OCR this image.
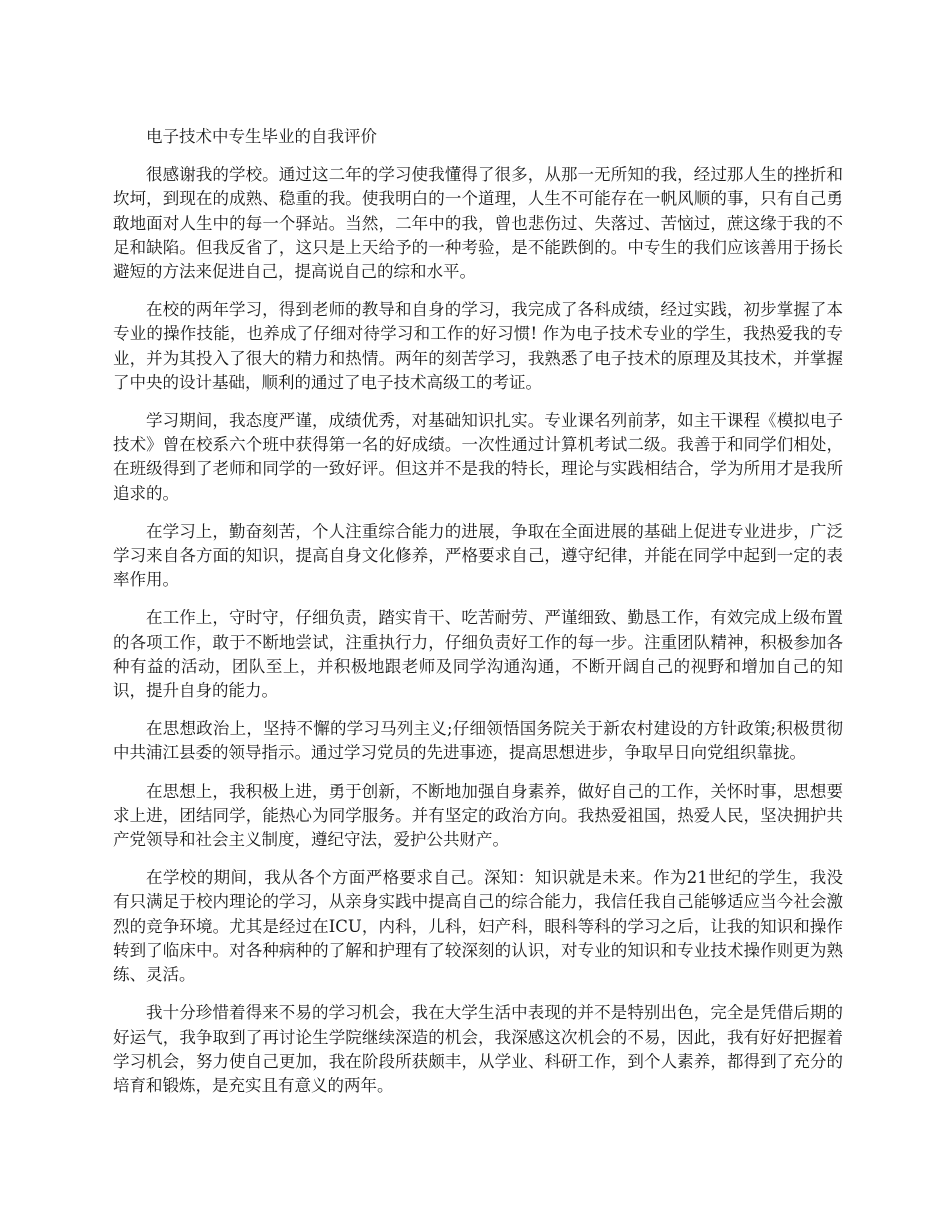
电子技术中专生毕业的自我评价

很感谢我的学校。通过这二年的学习使我懂得了很多，从那一无所知的我，经过那人生的挫折和坎坷，到现在的成熟、稳重的我。使我明白的一个道理，人生不可能存在一帆风顺的事，只有自己勇敢地面对人生中的每一个驿站。当然，二年中的我，曾也悲伤过、失落过、苦恼过，蔗这缘于我的不足和缺陷。但我反省了，这只是上天给予的一种考验，是不能跌倒的。中专生的我们应该善用于扬长避短的方法来促进自己，提高说自己的综和水平。

在校的两年学习，得到老师的教导和自身的学习，我完成了各科成绩，经过实践，初步掌握了本专业的操作技能，也养成了仔细对待学习和工作的好习惯! 作为电子技术专业的学生，我热爱我的专业，并为其投入了很大的精力和热情。两年的刻苦学习，我熟悉了电子技术的原理及其技术，并掌握了中央的设计基础，顺利的通过了电子技术高级工的考证。

学习期间，我态度严谨，成绩优秀，对基础知识扎实。专业课名列前茅，如主干课程《模拟电子技术》曾在校系六个班中获得第一名的好成绩。一次性通过计算机考试二级。我善于和同学们相处，在班级得到了老师和同学的一致好评。但这并不是我的特长，理论与实践相结合，学为所用才是我所追求的。

在学习上，勤奋刻苦，个人注重综合能力的进展，争取在全面进展的基础上促进专业进步，广泛学习来自各方面的知识，提高自身文化修养，严格要求自己，遵守纪律，并能在同学中起到一定的表率作用。

在工作上，守时守，仔细负责，踏实肯干、吃苦耐劳、严谨细致、勤恳工作，有效完成上级布置的各项工作，敢于不断地尝试，注重执行力，仔细负责好工作的每一步。注重团队精神，积极参加各种有益的活动，团队至上，并积极地跟老师及同学沟通沟通，不断开阔自己的视野和增加自己的知识，提升自身的能力。

在思想政治上，坚持不懈的学习马列主义;仔细领悟国务院关于新农村建设的方针政策;积极贯彻中共浦江县委的领导指示。通过学习党员的先进事迹，提高思想进步，争取早日向党组织靠拢。

在思想上，我积极上进，勇于创新，不断地加强自身素养，做好自己的工作，关怀时事，思想要求上进，团结同学，能热心为同学服务。并有坚定的政治方向。我热爱祖国，热爱人民，坚决拥护共产党领导和社会主义制度，遵纪守法，爱护公共财产。

在学校的期间，我从各个方面严格要求自己。深知：知识就是未来。作为21世纪的学生，我没有只满足于校内理论的学习，从亲身实践中提高自己的综合能力，我信任我自己能够适应当今社会激烈的竞争环境。尤其是经过在ICU，内科，儿科，妇产科，眼科等科的学习之后，让我的知识和操作转到了临床中。对各种病种的了解和护理有了较深刻的认识，对专业的知识和专业技术操作则更为熟练、灵活。

我十分珍惜着得来不易的学习机会，我在大学生活中表现的并不是特别出色，完全是凭借后期的好运气，我争取到了再讨论生学院继续深造的机会，我深感这次机会的不易，因此，我有好好把握着学习机会，努力使自己更加，我在阶段所获颇丰，从学业、科研工作，到个人素养，都得到了充分的培育和锻炼，是充实且有意义的两年。
